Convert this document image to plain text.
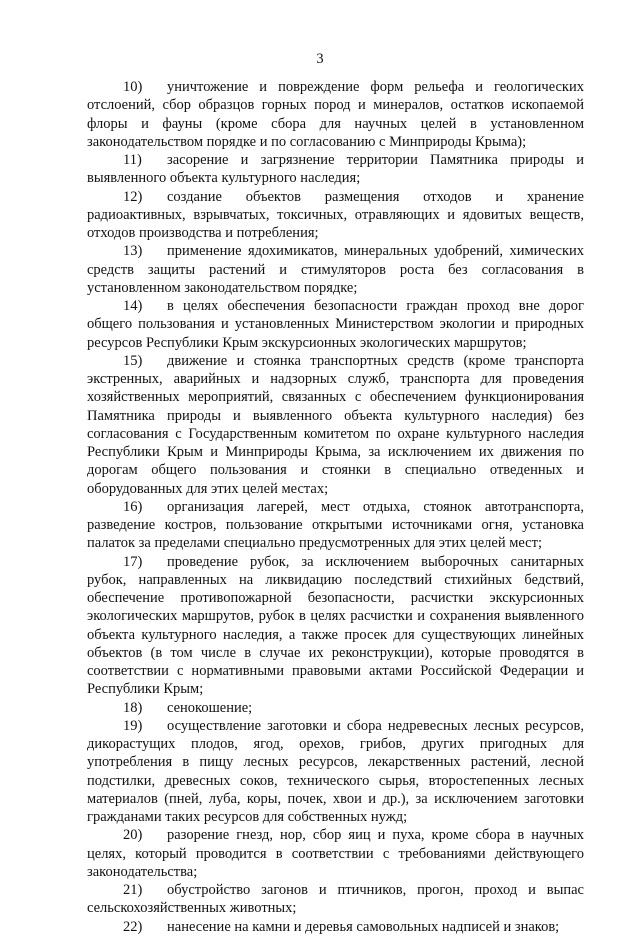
3

10) уничтожение и повреждение форм рельефа и геологических отслоений, сбор образцов горных пород и минералов, остатков ископаемой флоры и фауны (кроме сбора для научных целей в установленном законодательством порядке и по согласованию с Минприроды Крыма);

11) засорение и загрязнение территории Памятника природы и выявленного объекта культурного наследия;

12) создание объектов размещения отходов и хранение радиоактивных, взрывчатых, токсичных, отравляющих и ядовитых веществ, отходов производства и потребления;

13) применение ядохимикатов, минеральных удобрений, химических средств защиты растений и стимуляторов роста без согласования в установленном законодательством порядке;

14) в целях обеспечения безопасности граждан проход вне дорог общего пользования и установленных Министерством экологии и природных ресурсов Республики Крым экскурсионных экологических маршрутов;

15) движение и стоянка транспортных средств (кроме транспорта экстренных, аварийных и надзорных служб, транспорта для проведения хозяйственных мероприятий, связанных с обеспечением функционирования Памятника природы и выявленного объекта культурного наследия) без согласования с Государственным комитетом по охране культурного наследия Республики Крым и Минприроды Крыма, за исключением их движения по дорогам общего пользования и стоянки в специально отведенных и оборудованных для этих целей местах;

16) организация лагерей, мест отдыха, стоянок автотранспорта, разведение костров, пользование открытыми источниками огня, установка палаток за пределами специально предусмотренных для этих целей мест;

17) проведение рубок, за исключением выборочных санитарных рубок, направленных на ликвидацию последствий стихийных бедствий, обеспечение противопожарной безопасности, расчистки экскурсионных экологических маршрутов, рубок в целях расчистки и сохранения выявленного объекта культурного наследия, а также просек для существующих линейных объектов (в том числе в случае их реконструкции), которые проводятся в соответствии с нормативными правовыми актами Российской Федерации и Республики Крым;

18) сенокошение;

19) осуществление заготовки и сбора недревесных лесных ресурсов, дикорастущих плодов, ягод, орехов, грибов, других пригодных для употребления в пищу лесных ресурсов, лекарственных растений, лесной подстилки, древесных соков, технического сырья, второстепенных лесных материалов (пней, луба, коры, почек, хвои и др.), за исключением заготовки гражданами таких ресурсов для собственных нужд;

20) разорение гнезд, нор, сбор яиц и пуха, кроме сбора в научных целях, который проводится в соответствии с требованиями действующего законодательства;

21) обустройство загонов и птичников, прогон, проход и выпас сельскохозяйственных животных;

22) нанесение на камни и деревья самовольных надписей и знаков;
